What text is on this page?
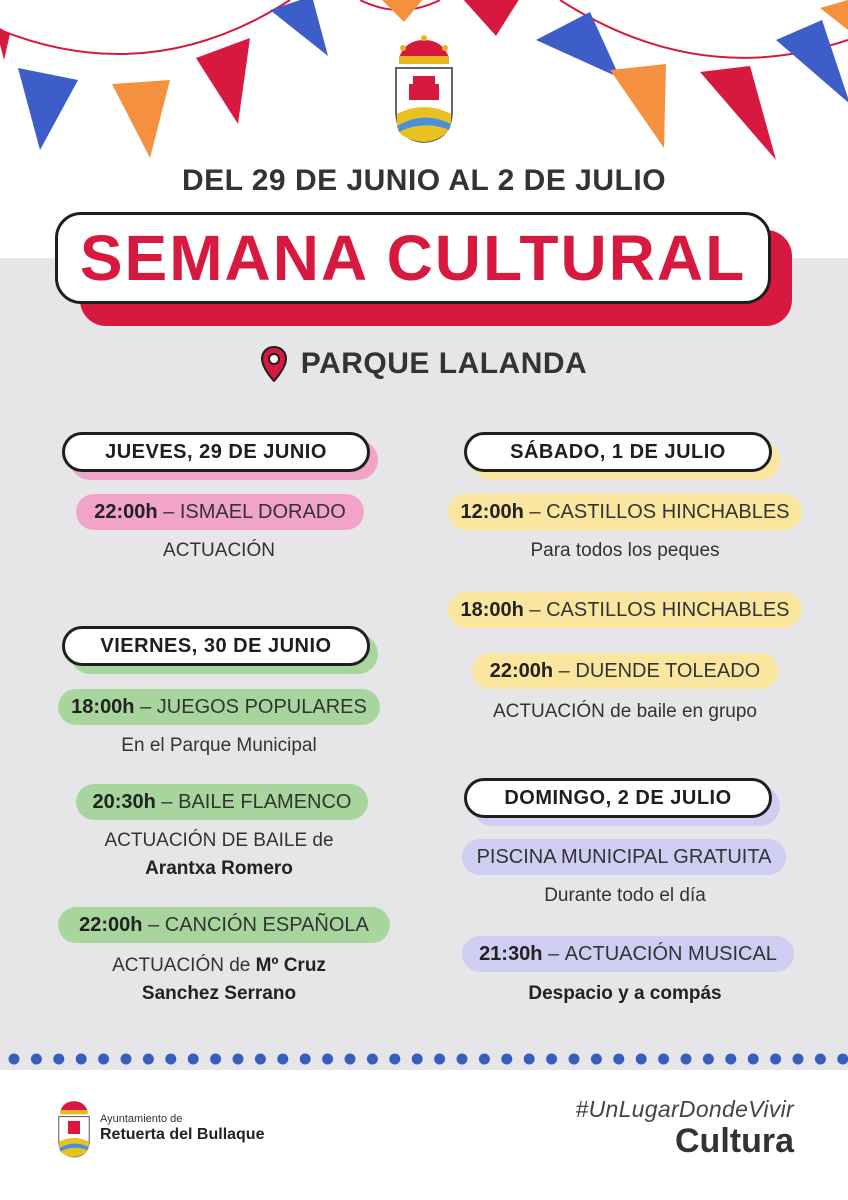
DEL 29 DE JUNIO AL 2 DE JULIO
SEMANA CULTURAL
PARQUE LALANDA
JUEVES, 29 DE JUNIO
22:00h – ISMAEL DORADO
ACTUACIÓN
VIERNES, 30 DE JUNIO
18:00h – JUEGOS POPULARES
En el Parque Municipal
20:30h – BAILE FLAMENCO
ACTUACIÓN DE BAILE de
Arantxa Romero
22:00h – CANCIÓN ESPAÑOLA
ACTUACIÓN de Mº Cruz
Sanchez Serrano
SÁBADO, 1 DE JULIO
12:00h – CASTILLOS HINCHABLES
Para todos los peques
18:00h – CASTILLOS HINCHABLES
22:00h – DUENDE TOLEADO
ACTUACIÓN de baile en grupo
DOMINGO, 2 DE JULIO
PISCINA MUNICIPAL GRATUITA
Durante todo el día
21:30h – ACTUACIÓN MUSICAL
Despacio y a compás
Ayuntamiento de
Retuerta del Bullaque
#UnLugarDondeVivir
Cultura
